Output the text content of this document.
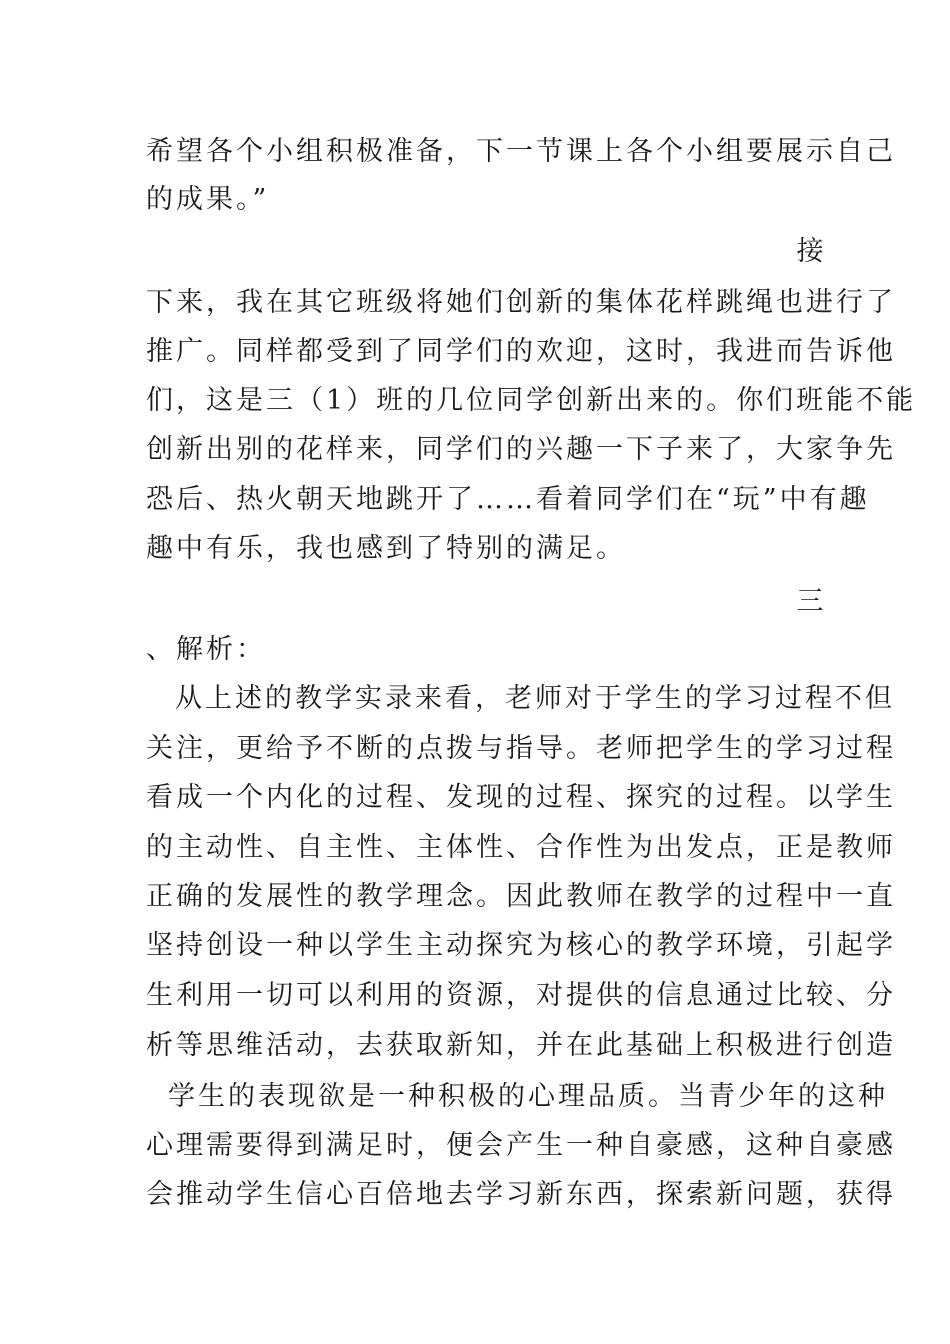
希望各个小组积极准备，下一节课上各个小组要展示自己
的成果。”
接
下来，我在其它班级将她们创新的集体花样跳绳也进行了
推广。同样都受到了同学们的欢迎，这时，我进而告诉他
们，这是三（1）班的几位同学创新出来的。你们班能不能
创新出别的花样来，同学们的兴趣一下子来了，大家争先
恐后、热火朝天地跳开了……看着同学们在“玩”中有趣
趣中有乐，我也感到了特别的满足。
三
、解析：
从上述的教学实录来看，老师对于学生的学习过程不但
关注，更给予不断的点拨与指导。老师把学生的学习过程
看成一个内化的过程、发现的过程、探究的过程。以学生
的主动性、自主性、主体性、合作性为出发点，正是教师
正确的发展性的教学理念。因此教师在教学的过程中一直
坚持创设一种以学生主动探究为核心的教学环境，引起学
生利用一切可以利用的资源，对提供的信息通过比较、分
析等思维活动，去获取新知，并在此基础上积极进行创造
学生的表现欲是一种积极的心理品质。当青少年的这种
心理需要得到满足时，便会产生一种自豪感，这种自豪感
会推动学生信心百倍地去学习新东西，探索新问题，获得
